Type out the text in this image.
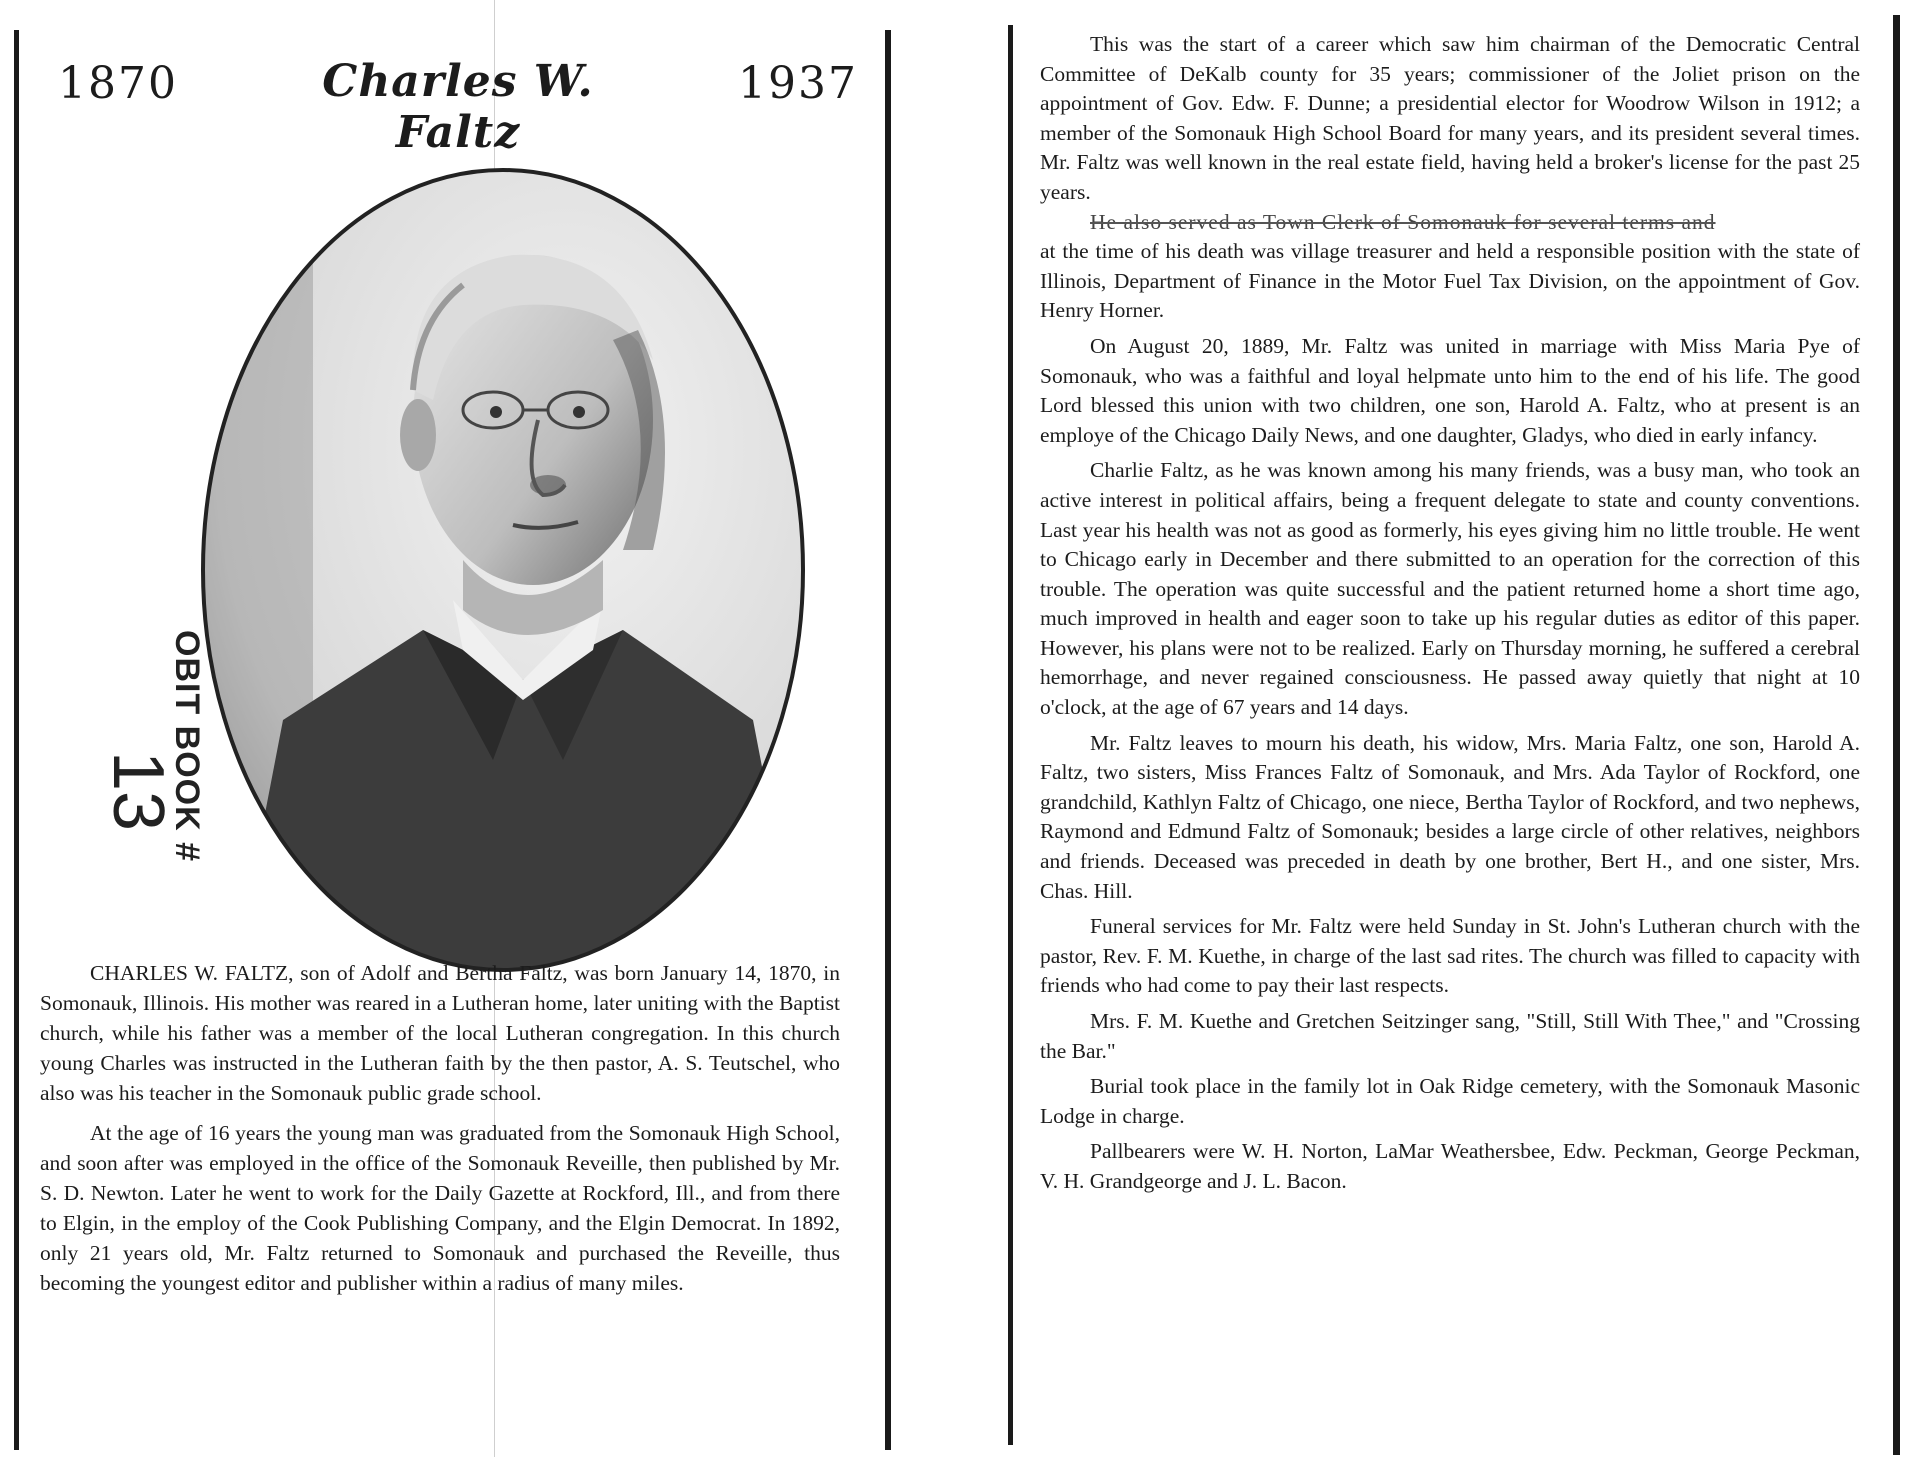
1870	Charles W. Faltz
1937
OBIT BOOK #
13

CHARLES W. FALTZ, son of Adolf and Bertha Faltz, was born January 14, 1870, in Somonauk, Illinois. His mother was reared in a Lutheran home, later uniting with the Baptist church, while his father was a member of the local Lutheran congregation. In this church young Charles was instructed in the Lutheran faith by the then pastor, A. S. Teutschel, who also was his teacher in the Somonauk public grade school.

At the age of 16 years the young man was graduated from the Somonauk High School, and soon after was employed in the office of the Somonauk Reveille, then published by Mr. S. D. Newton. Later he went to work for the Daily Gazette at Rockford, Ill., and from there to Elgin, in the employ of the Cook Publishing Company, and the Elgin Democrat. In 1892, only 21 years old, Mr. Faltz returned to Somonauk and purchased the Reveille, thus becoming the youngest editor and publisher within a radius of many miles.

This was the start of a career which saw him chairman of the Democratic Central Committee of DeKalb county for 35 years; commissioner of the Joliet prison on the appointment of Gov. Edw. F. Dunne; a presidential elector for Woodrow Wilson in 1912; a member of the Somonauk High School Board for many years, and its president several times. Mr. Faltz was well known in the real estate field, having held a broker's license for the past 25 years.

He also served as Town Clerk of Somonauk for several terms and

at the time of his death was village treasurer and held a responsible position with the state of Illinois, Department of Finance in the Motor Fuel Tax Division, on the appointment of Gov. Henry Horner.

On August 20, 1889, Mr. Faltz was united in marriage with Miss Maria Pye of Somonauk, who was a faithful and loyal helpmate unto him to the end of his life. The good Lord blessed this union with two children, one son, Harold A. Faltz, who at present is an employe of the Chicago Daily News, and one daughter, Gladys, who died in early infancy.

Charlie Faltz, as he was known among his many friends, was a busy man, who took an active interest in political affairs, being a frequent delegate to state and county conventions. Last year his health was not as good as formerly, his eyes giving him no little trouble. He went to Chicago early in December and there submitted to an operation for the correction of this trouble. The operation was quite successful and the patient returned home a short time ago, much improved in health and eager soon to take up his regular duties as editor of this paper. However, his plans were not to be realized. Early on Thursday morning, he suffered a cerebral hemorrhage, and never regained consciousness. He passed away quietly that night at 10 o'clock, at the age of 67 years and 14 days.

Mr. Faltz leaves to mourn his death, his widow, Mrs. Maria Faltz, one son, Harold A. Faltz, two sisters, Miss Frances Faltz of Somonauk, and Mrs. Ada Taylor of Rockford, one grandchild, Kathlyn Faltz of Chicago, one niece, Bertha Taylor of Rockford, and two nephews, Raymond and Edmund Faltz of Somonauk; besides a large circle of other relatives, neighbors and friends. Deceased was preceded in death by one brother, Bert H., and one sister, Mrs. Chas. Hill.

Funeral services for Mr. Faltz were held Sunday in St. John's Lutheran church with the pastor, Rev. F. M. Kuethe, in charge of the last sad rites. The church was filled to capacity with friends who had come to pay their last respects.

Mrs. F. M. Kuethe and Gretchen Seitzinger sang, "Still, Still With Thee," and "Crossing the Bar."

Burial took place in the family lot in Oak Ridge cemetery, with the Somonauk Masonic Lodge in charge.

Pallbearers were W. H. Norton, LaMar Weathersbee, Edw. Peckman, George Peckman, V. H. Grandgeorge and J. L. Bacon.
